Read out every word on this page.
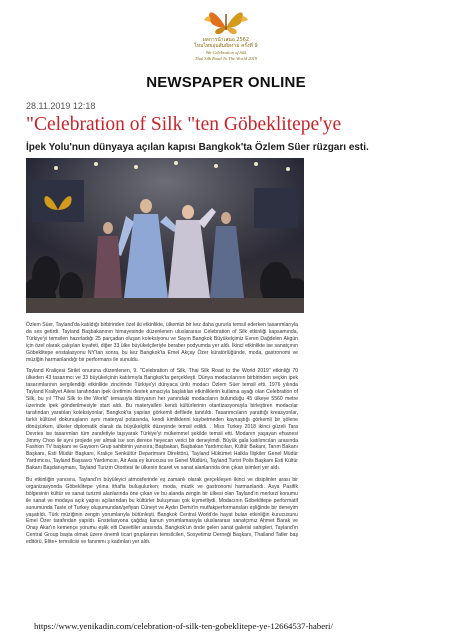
ผลการนำเสนอ 2562
ไหมไทยอุ่นสัมผัสงาม ครั้งที่ 9
9th Celebration of Silk
Thai Silk Road To The World 2019
NEWSPAPER ONLINE
28.11.2019 12:18
"Celebration of Silk "ten Göbeklitepe'ye
İpek Yolu'nun dünyaya açılan kapısı Bangkok'ta Özlem Süer rüzgarı esti.

Özlem Süer, Tayland'da katıldığı birbirinden özel iki etkinlikte, ülkemizi bir kez daha gururla temsil ederken tasarımlarıyla da ses getirdi. Tayland Başbakanının himayesinde düzenlenen uluslararası Celebration of Silk etkinliği kapsamında, Türkiye'yi temsilen hazırladığı 25 parçadan oluşan koleksiyonu ve Sayın Bangkok Büyükelçimiz Evren Dağdelen Akgün için özel olarak çalışılan kıyafeti, diğer 33 ülke büyükelçileriyle beraber podyumda yer aldı. İkinci etkinlikte ise sanatçının Göbeklitepe enstalasyonu NY'tan sonra, bu kez Bangkok'ta Emel Akçay Özer küratörlüğünde, moda, gastronomi ve müziğin harmanlandığı bir performans ile sunuldu.

Tayland Kraliçesi Sirikit onuruna düzenlenen, 9. "Celebration of Silk, Thai Silk Road to the World 2019" etkinliği 70 ülkeden 43 tasarımcı ve 33 büyükelçinin katılımıyla Bangkok'ta gerçekleşti. Dünya modacılarının birbirinden seçkin ipek tasarımlarının sergilendiği etkinlikte zincirinde Türkiye'yi dünyaca ünlü modacı Özlem Süer temsil etti. 1976 yılında Tayland Kraliyet Ailesi tarafından ipek üretimini destek amacıyla başlatılan etkinliklerin kutlama ayağı olan Celebration of Silk, bu yıl "Thai Silk to the World" temasıyla dünyanın her yanındaki modacıların bulunduğu 45 ülkeye 5560 metre üzerinde ipek gönderilmesiyle start aldı. Bu materyalleri kendi kültürlerinin otantizasyonuyla birleştiren modacılar tarafından yaratılan koleksiyonlar, Bangkok'ta yapılan görkemli defilede tanıtıldı. Tasarımcıların yarattığı kreasyonlar, farklı kültürel dokunuşların aynı materyal potasında, kendi kimliklerini kaybetmeden kaynaştığı görkemli bir şölene dönüşürken, ülkeler diplomatik olarak da büyükelçilik düzeyinde temsil edildi. . Miss Turkey 2018 ikinci güzeli Tara Devries ise tasarımları tüm zarafetiyle taşıyarak Türkiye'yi mükemmel şekilde temsil etti. Modanın yaşayan efsanesi Jimmy Choo ile aynı projede yer almak ise son derece heyecan verici bir deneyimdi. Büyük gala katılımcıları arasında Fashion TV başkanı ve Gaysorn Grup sahibinin yanısıra; Başbakan, Başbakan Yardımcıları, Kültür Bakanı, Tarım Bakanı Başkanı, Esti Müdür Başkanı, Kraliçe Senkültür Departmanı Direktörü, Tayland Hükümet Halkla İlişkiler Genel Müdür Yardımcısı, Tayland Başsavcı Yardımcısı, Air Asia ey kurucusu ve Genel Müdürü, Tayland Turist Polis Başkanı Esti Kültür Bakanı Başdanışmanı, Tayland Turizm Otoritesi ile ülkenin ticaret ve sanat alanlarında öne çıkan isimleri yer aldı.

Bu etkinliğin yanısıra, Tayland'ın büyüleyici atmosferinde eş zamanlı olarak gerçekleşen ikinci ve disiplinler arası bir organizasyonda Göbeklitepe yılına ithafla buluşulurken; moda, müzik ve gastronomi harmanlandı. Asya Pasifik bölgesinin kültür ve sanat turizmi alanlarında öne çıkan ve bu alanda zengin bir ülkesi olan Tayland'ın merkezi konumu ile sanat ve modaya açık yapısı açılarından bu kültürler buluşması çok kıymetliydi. Modacının Göbeklitepe performatif sunumunda Taste of Turkey oluşumundan/şefiyan Cüneyt ve Aydın Demir'in mutfakperformansları eşliğinde bir deneyim yaşatıldı. Türk müziğinin zengin yorumlarıyla bütünleşti. Bangkok Central World'de hayat bulan etkinliğin kurucusunu Emel Özer tarafından yapıldı. Enstelasyona çağdaş kanun yorumlamasıyla uluslararası sanatçımız Ahmet Barak ve Onay Akar'ın kemençe yorumu eşlik etti Davetliler arasında. Bangkok'un önde gelen sanat galerisi sahipleri, Tayland'ın Central Group başta olmak üzere önemli ticari gruplarının temsilcileri, Sosyetimiz Derneği Başkanı, Thailand Tatler baş editörü, Elite+ temsilcisi ve fanımmı ş kadınları yer aldı.

https://www.yenikadin.com/celebration-of-silk-ten-gobeklitepe-ye-12664537-haberi/
